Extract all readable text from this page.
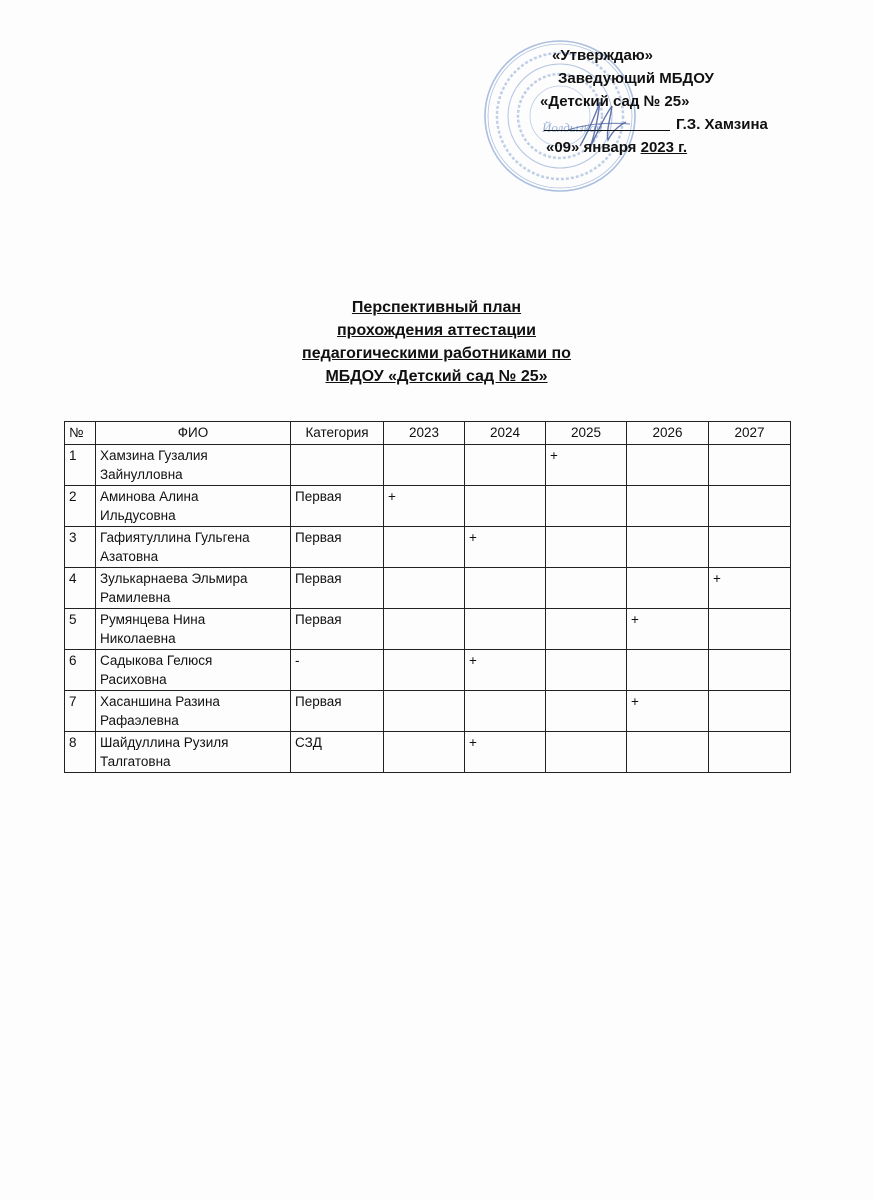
Йолдызкай
«Утверждаю»
Заведующий МБДОУ
«Детский сад № 25»
Г.З. Хамзина
«09» января 2023 г.
Перспективный план
прохождения аттестации
педагогическими работниками по
МБДОУ «Детский сад № 25»
№	ФИО	Категория	2023	2024	2025	2026	2027
1	Хамзина Гузалия
Зайнулловна				+		
2	Аминова Алина
Ильдусовна	Первая	+				
3	Гафиятуллина Гульгена
Азатовна	Первая		+			
4	Зулькарнаева Эльмира
Рамилевна	Первая					+
5	Румянцева Нина
Николаевна	Первая				+	
6	Садыкова Гелюся
Расиховна	-		+			
7	Хасаншина Разина
Рафаэлевна	Первая				+	
8	Шайдуллина Рузиля
Талгатовна	СЗД		+			
